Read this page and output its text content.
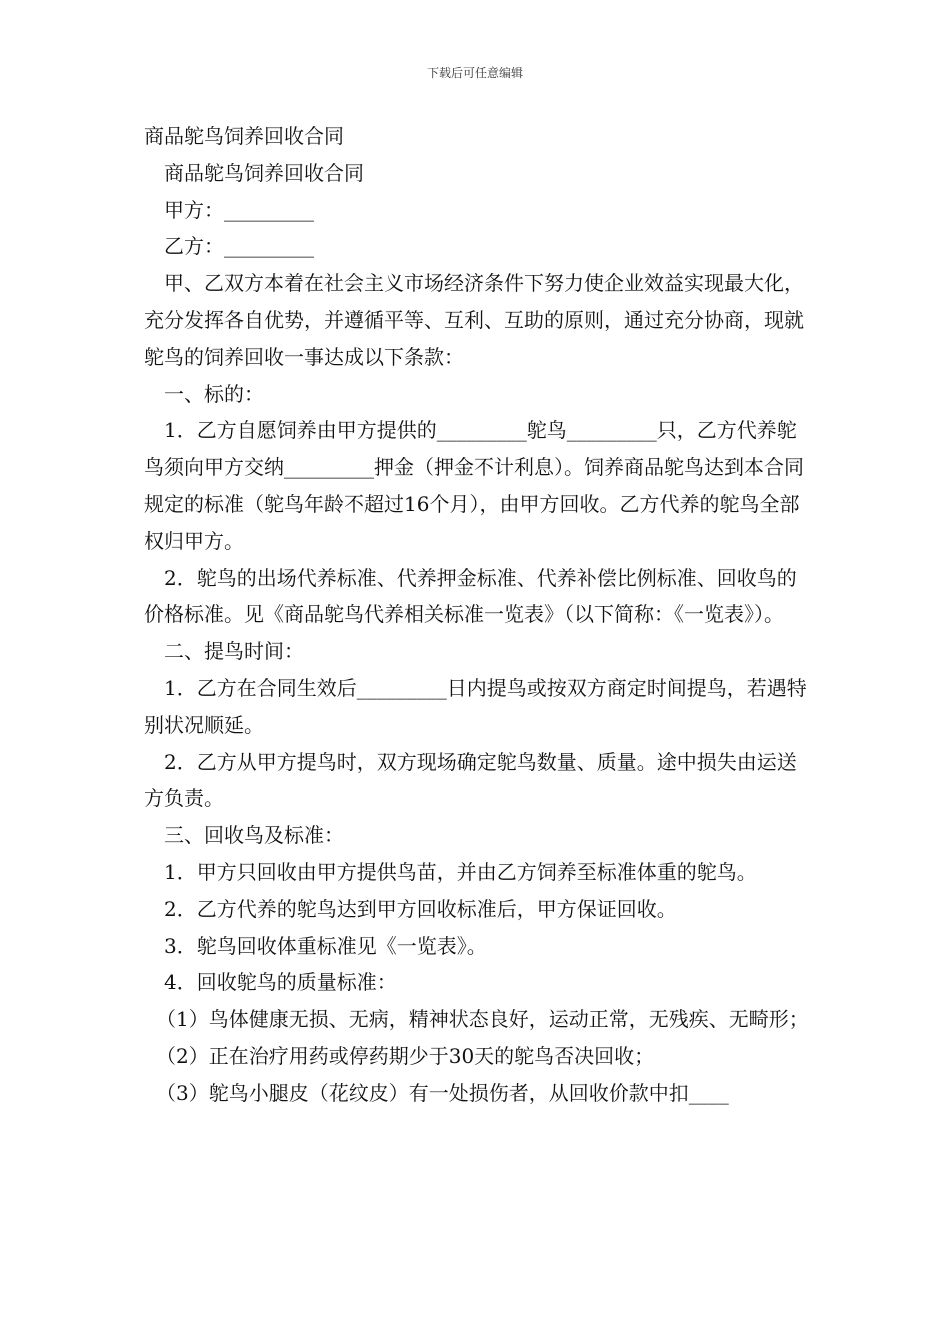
下载后可任意编辑

商品鸵鸟饲养回收合同

商品鸵鸟饲养回收合同

甲方：_________

乙方：_________

甲、乙双方本着在社会主义市场经济条件下努力使企业效益实现最大化，充分发挥各自优势，并遵循平等、互利、互助的原则，通过充分协商，现就鸵鸟的饲养回收一事达成以下条款：

一、标的：

1．乙方自愿饲养由甲方提供的_________鸵鸟_________只，乙方代养鸵鸟须向甲方交纳_________押金（押金不计利息）。饲养商品鸵鸟达到本合同规定的标准（鸵鸟年龄不超过16个月），由甲方回收。乙方代养的鸵鸟全部权归甲方。

2．鸵鸟的出场代养标准、代养押金标准、代养补偿比例标准、回收鸟的价格标准。见《商品鸵鸟代养相关标准一览表》（以下简称：《一览表》）。

二、提鸟时间：

1．乙方在合同生效后_________日内提鸟或按双方商定时间提鸟，若遇特别状况顺延。

2．乙方从甲方提鸟时，双方现场确定鸵鸟数量、质量。途中损失由运送方负责。

三、回收鸟及标准：

1．甲方只回收由甲方提供鸟苗，并由乙方饲养至标准体重的鸵鸟。

2．乙方代养的鸵鸟达到甲方回收标准后，甲方保证回收。

3．鸵鸟回收体重标准见《一览表》。

4．回收鸵鸟的质量标准：

（1）鸟体健康无损、无病，精神状态良好，运动正常，无残疾、无畸形；

（2）正在治疗用药或停药期少于30天的鸵鸟否决回收；

（3）鸵鸟小腿皮（花纹皮）有一处损伤者，从回收价款中扣____
